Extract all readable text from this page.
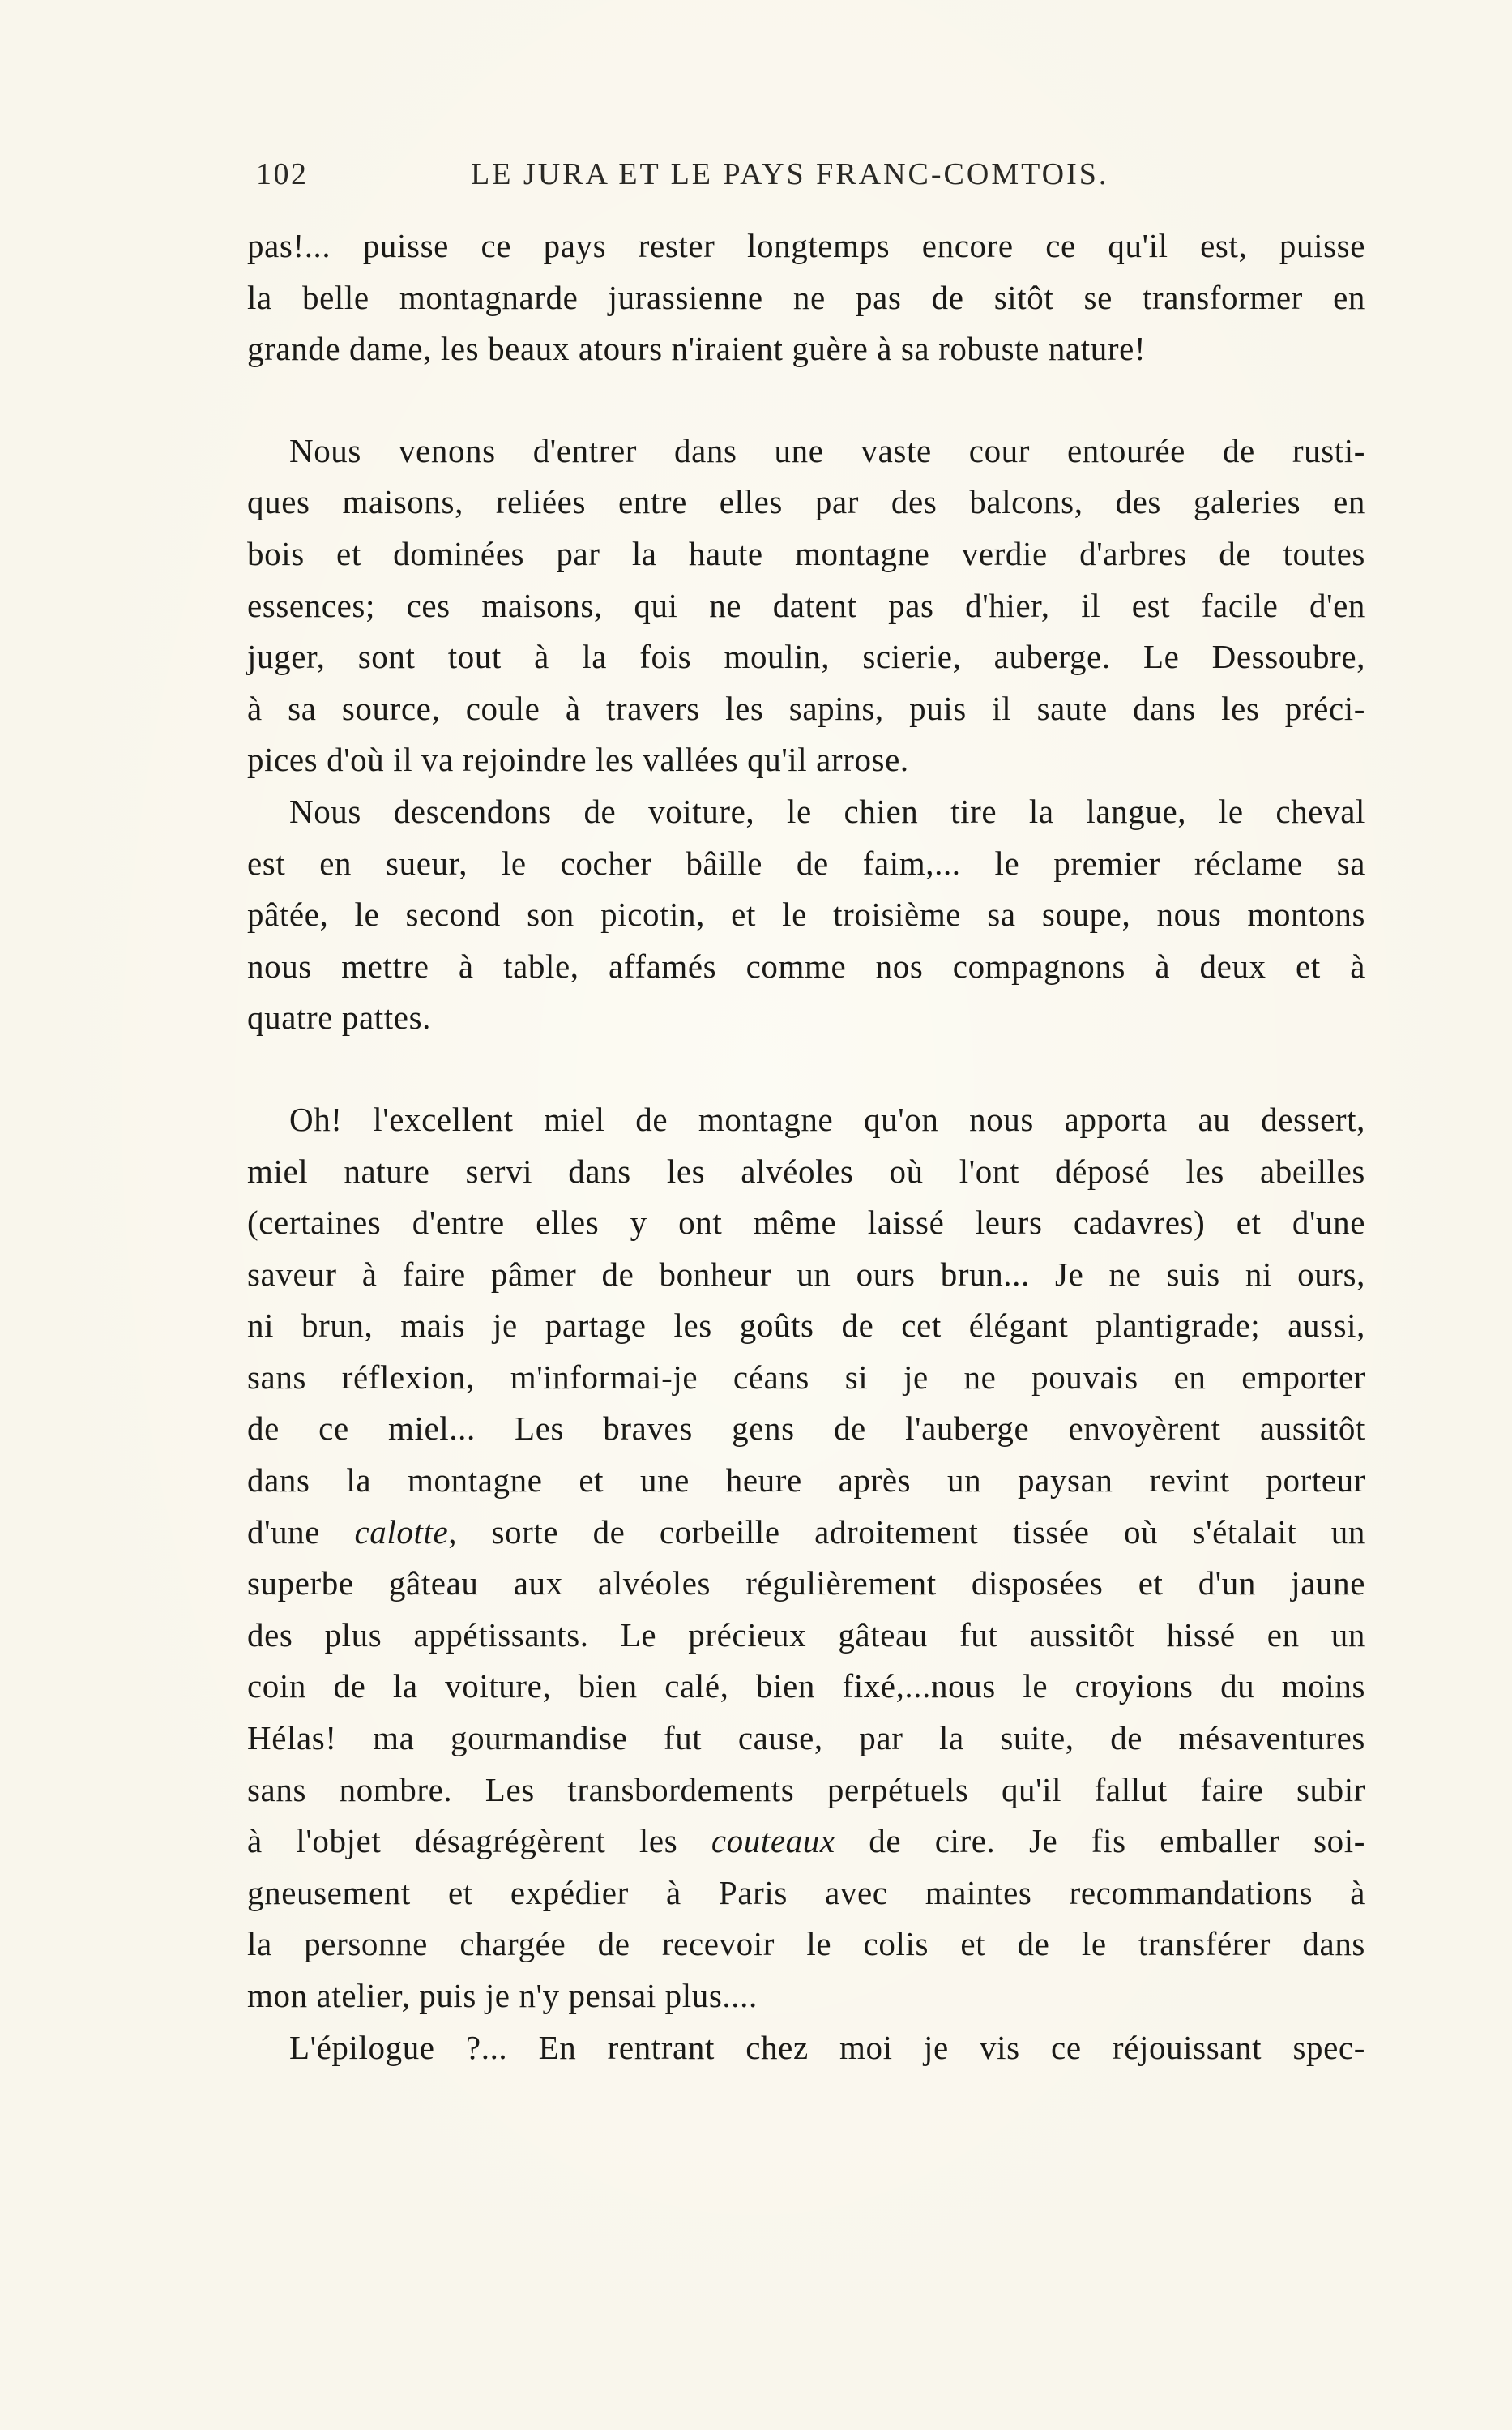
102	LE JURA ET LE PAYS FRANC-COMTOIS.
pas!... puisse ce pays rester longtemps encore ce qu'il est, puisse
la belle montagnarde jurassienne ne pas de sitôt se transformer en
grande dame, les beaux atours n'iraient guère à sa robuste nature!
Nous venons d'entrer dans une vaste cour entourée de rusti-
ques maisons, reliées entre elles par des balcons, des galeries en
bois et dominées par la haute montagne verdie d'arbres de toutes
essences; ces maisons, qui ne datent pas d'hier, il est facile d'en
juger, sont tout à la fois moulin, scierie, auberge. Le Dessoubre,
à sa source, coule à travers les sapins, puis il saute dans les préci-
pices d'où il va rejoindre les vallées qu'il arrose.
Nous descendons de voiture, le chien tire la langue, le cheval
est en sueur, le cocher bâille de faim,... le premier réclame sa
pâtée, le second son picotin, et le troisième sa soupe, nous montons
nous mettre à table, affamés comme nos compagnons à deux et à
quatre pattes.
Oh! l'excellent miel de montagne qu'on nous apporta au dessert,
miel nature servi dans les alvéoles où l'ont déposé les abeilles
(certaines d'entre elles y ont même laissé leurs cadavres) et d'une
saveur à faire pâmer de bonheur un ours brun... Je ne suis ni ours,
ni brun, mais je partage les goûts de cet élégant plantigrade; aussi,
sans réflexion, m'informai-je céans si je ne pouvais en emporter
de ce miel... Les braves gens de l'auberge envoyèrent aussitôt
dans la montagne et une heure après un paysan revint porteur
d'une calotte, sorte de corbeille adroitement tissée où s'étalait un
superbe gâteau aux alvéoles régulièrement disposées et d'un jaune
des plus appétissants. Le précieux gâteau fut aussitôt hissé en un
coin de la voiture, bien calé, bien fixé,...nous le croyions du moins
Hélas! ma gourmandise fut cause, par la suite, de mésaventures
sans nombre. Les transbordements perpétuels qu'il fallut faire subir
à l'objet désagrégèrent les couteaux de cire. Je fis emballer soi-
gneusement et expédier à Paris avec maintes recommandations à
la personne chargée de recevoir le colis et de le transférer dans
mon atelier, puis je n'y pensai plus....
L'épilogue ?... En rentrant chez moi je vis ce réjouissant spec-
